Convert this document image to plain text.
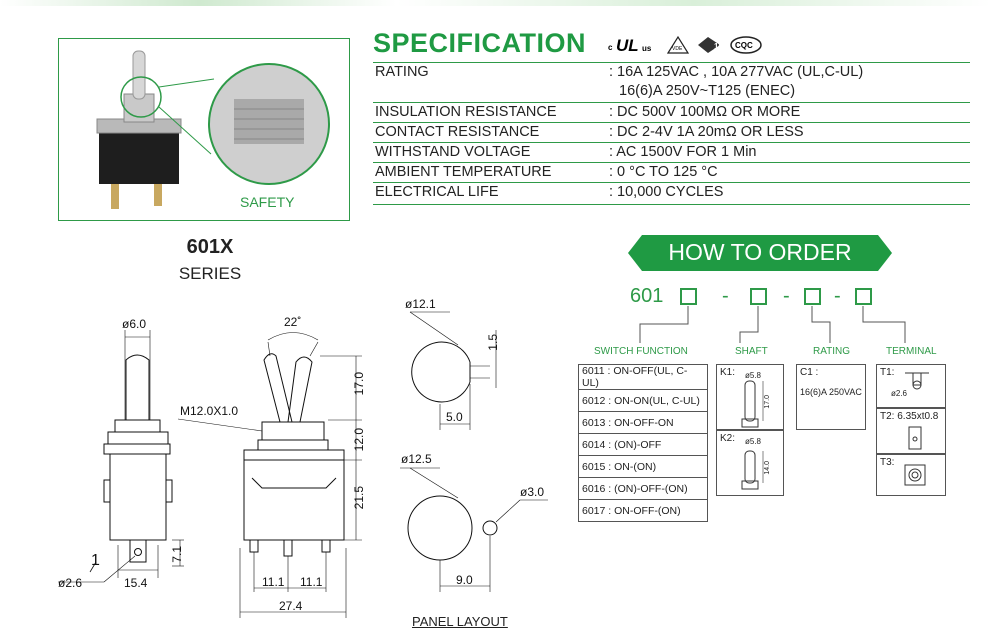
SAFETY
601X
SERIES
SPECIFICATION	c UL us	VDE	10 CQC
RATING	: 16A 125VAC , 10A 277VAC (UL,C-UL)
16(6)A 250V~T125 (ENEC)
INSULATION RESISTANCE	: DC 500V 100MΩ OR MORE
CONTACT RESISTANCE	: DC 2-4V 1A 20mΩ OR LESS
WITHSTAND VOLTAGE	: AC 1500V FOR 1 Min
AMBIENT TEMPERATURE	: 0 °C TO 125 °C
ELECTRICAL LIFE	: 10,000 CYCLES
HOW TO ORDER
601	-	- -
SWITCH FUNCTION	SHAFT	RATING	TERMINAL
6011 : ON-OFF(UL, C-UL)
6012 : ON-ON(UL, C-UL)
6013 : ON-OFF-ON
6014 : (ON)-OFF
6015 : ON-(ON)
6016 : (ON)-OFF-(ON)
6017 : ON-OFF-(ON)
K1: ø5.8
17.0
K2: ø5.8
14.0
C1 :
16(6)A 250VAC
T1:
ø2.6
T2: 6.35xt0.8
T3:
ø6.0
ø2.6	15.4
7.1
1
22˚
M12.0X1.0
17.0
12.0
21.5
11.1 11.1
27.4
ø12.1
1.5
5.0
ø12.5
ø3.0
9.0
PANEL LAYOUT
